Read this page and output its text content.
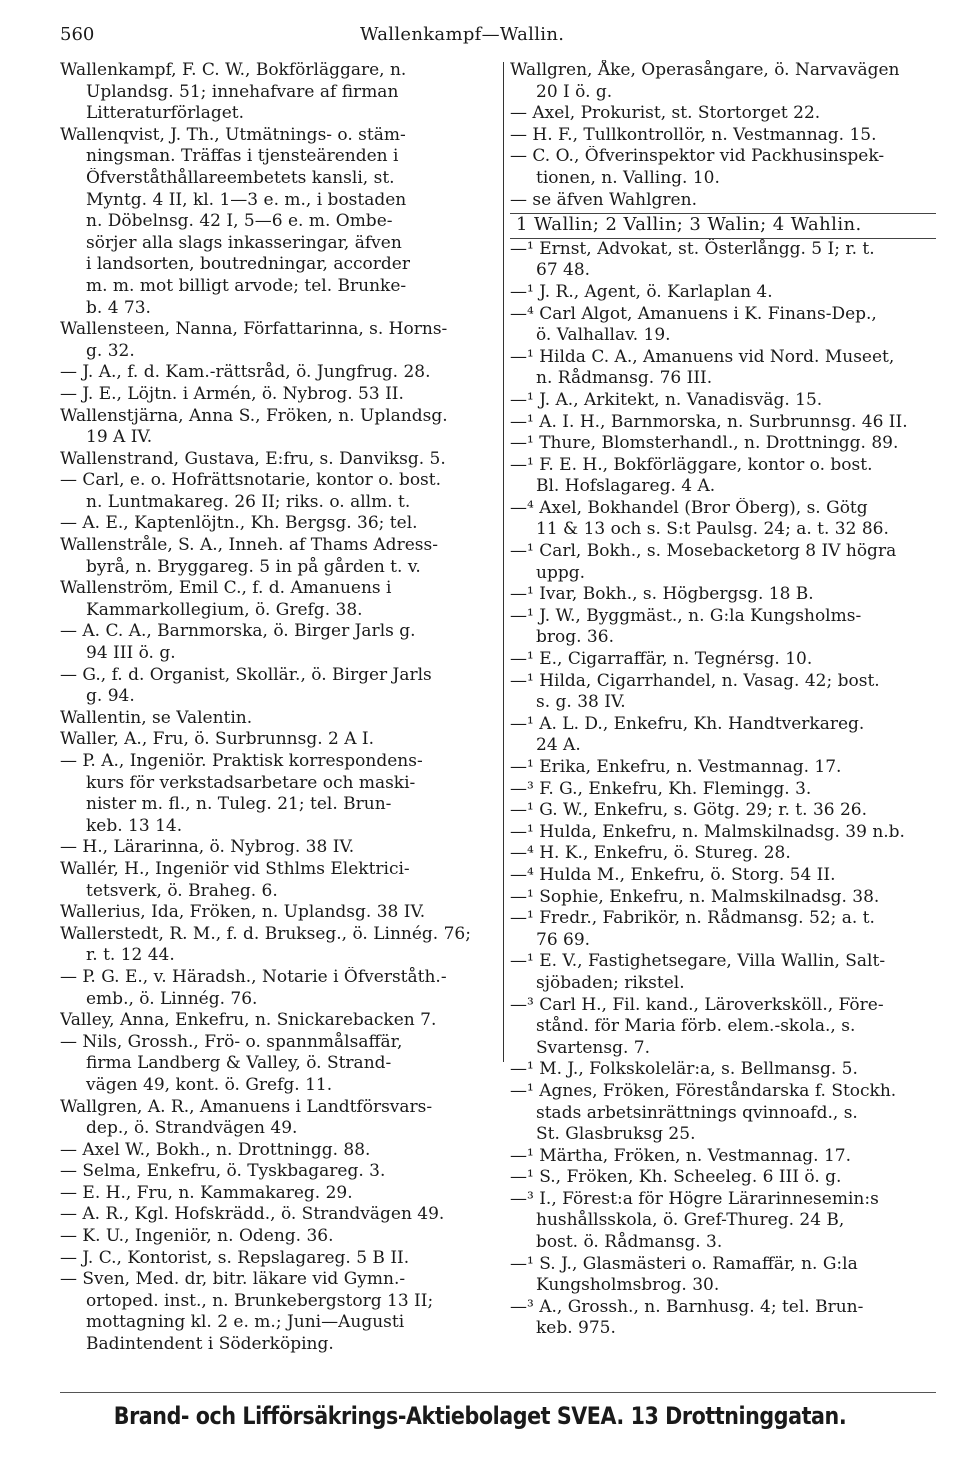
560	Wallenkampf—Wallin.
Wallenkampf, F. C. W., Bokförläggare, n.
Uplandsg. 51; innehafvare af firman
Litteraturförlaget.
Wallenqvist, J. Th., Utmätnings- o. stäm-
ningsman. Träffas i tjensteärenden i
Öfverståthållareembetets kansli, st.
Myntg. 4 II, kl. 1—3 e. m., i bostaden
n. Döbelnsg. 42 I, 5—6 e. m. Ombe-
sörjer alla slags inkasseringar, äfven
i landsorten, boutredningar, accorder
m. m. mot billigt arvode; tel. Brunke-
b. 4 73.
Wallensteen, Nanna, Författarinna, s. Horns-
g. 32.
— J. A., f. d. Kam.-rättsråd, ö. Jungfrug. 28.
— J. E., Löjtn. i Armén, ö. Nybrog. 53 II.
Wallenstjärna, Anna S., Fröken, n. Uplandsg.
19 A IV.
Wallenstrand, Gustava, E:fru, s. Danviksg. 5.
— Carl, e. o. Hofrättsnotarie, kontor o. bost.
n. Luntmakareg. 26 II; riks. o. allm. t.
— A. E., Kaptenlöjtn., Kh. Bergsg. 36; tel.
Wallenstråle, S. A., Inneh. af Thams Adress-
byrå, n. Bryggareg. 5 in på gården t. v.
Wallenström, Emil C., f. d. Amanuens i
Kammarkollegium, ö. Grefg. 38.
— A. C. A., Barnmorska, ö. Birger Jarls g.
94 III ö. g.
— G., f. d. Organist, Skollär., ö. Birger Jarls
g. 94.
Wallentin, se Valentin.
Waller, A., Fru, ö. Surbrunnsg. 2 A I.
— P. A., Ingeniör. Praktisk korrespondens-
kurs för verkstadsarbetare och maski-
nister m. fl., n. Tuleg. 21; tel. Brun-
keb. 13 14.
— H., Lärarinna, ö. Nybrog. 38 IV.
Wallér, H., Ingeniör vid Sthlms Elektrici-
tetsverk, ö. Braheg. 6.
Wallerius, Ida, Fröken, n. Uplandsg. 38 IV.
Wallerstedt, R. M., f. d. Brukseg., ö. Linnég. 76;
r. t. 12 44.
— P. G. E., v. Häradsh., Notarie i Öfverståth.-
emb., ö. Linnég. 76.
Valley, Anna, Enkefru, n. Snickarebacken 7.
— Nils, Grossh., Frö- o. spannmålsaffär,
firma Landberg & Valley, ö. Strand-
vägen 49, kont. ö. Grefg. 11.
Wallgren, A. R., Amanuens i Landtförsvars-
dep., ö. Strandvägen 49.
— Axel W., Bokh., n. Drottningg. 88.
— Selma, Enkefru, ö. Tyskbagareg. 3.
— E. H., Fru, n. Kammakareg. 29.
— A. R., Kgl. Hofskrädd., ö. Strandvägen 49.
— K. U., Ingeniör, n. Odeng. 36.
— J. C., Kontorist, s. Repslagareg. 5 B II.
— Sven, Med. dr, bitr. läkare vid Gymn.-
ortoped. inst., n. Brunkebergstorg 13 II;
mottagning kl. 2 e. m.; Juni—Augusti
Badintendent i Söderköping.
Wallgren, Åke, Operasångare, ö. Narvavägen
20 I ö. g.
— Axel, Prokurist, st. Stortorget 22.
— H. F., Tullkontrollör, n. Vestmannag. 15.
— C. O., Öfverinspektor vid Packhusinspek-
tionen, n. Valling. 10.
— se äfven Wahlgren.
1 Wallin; 2 Vallin; 3 Walin; 4 Wahlin.
—¹ Ernst, Advokat, st. Österlångg. 5 I; r. t.
67 48.
—¹ J. R., Agent, ö. Karlaplan 4.
—⁴ Carl Algot, Amanuens i K. Finans-Dep.,
ö. Valhallav. 19.
—¹ Hilda C. A., Amanuens vid Nord. Museet,
n. Rådmansg. 76 III.
—¹ J. A., Arkitekt, n. Vanadisväg. 15.
—¹ A. I. H., Barnmorska, n. Surbrunnsg. 46 II.
—¹ Thure, Blomsterhandl., n. Drottningg. 89.
—¹ F. E. H., Bokförläggare, kontor o. bost.
Bl. Hofslagareg. 4 A.
—⁴ Axel, Bokhandel (Bror Öberg), s. Götg
11 & 13 och s. S:t Paulsg. 24; a. t. 32 86.
—¹ Carl, Bokh., s. Mosebacketorg 8 IV högra
uppg.
—¹ Ivar, Bokh., s. Högbergsg. 18 B.
—¹ J. W., Byggmäst., n. G:la Kungsholms-
brog. 36.
—¹ E., Cigarraffär, n. Tegnérsg. 10.
—¹ Hilda, Cigarrhandel, n. Vasag. 42; bost.
s. g. 38 IV.
—¹ A. L. D., Enkefru, Kh. Handtverkareg.
24 A.
—¹ Erika, Enkefru, n. Vestmannag. 17.
—³ F. G., Enkefru, Kh. Flemingg. 3.
—¹ G. W., Enkefru, s. Götg. 29; r. t. 36 26.
—¹ Hulda, Enkefru, n. Malmskilnadsg. 39 n.b.
—⁴ H. K., Enkefru, ö. Stureg. 28.
—⁴ Hulda M., Enkefru, ö. Storg. 54 II.
—¹ Sophie, Enkefru, n. Malmskilnadsg. 38.
—¹ Fredr., Fabrikör, n. Rådmansg. 52; a. t.
76 69.
—¹ E. V., Fastighetsegare, Villa Wallin, Salt-
sjöbaden; rikstel.
—³ Carl H., Fil. kand., Läroverksköll., Före-
stånd. för Maria förb. elem.-skola., s.
Svartensg. 7.
—¹ M. J., Folkskolelär:a, s. Bellmansg. 5.
—¹ Agnes, Fröken, Föreståndarska f. Stockh.
stads arbetsinrättnings qvinnoafd., s.
St. Glasbruksg 25.
—¹ Märtha, Fröken, n. Vestmannag. 17.
—¹ S., Fröken, Kh. Scheeleg. 6 III ö. g.
—³ I., Förest:a för Högre Lärarinnesemin:s
hushållsskola, ö. Gref-Thureg. 24 B,
bost. ö. Rådmansg. 3.
—¹ S. J., Glasmästeri o. Ramaffär, n. G:la
Kungsholmsbrog. 30.
—³ A., Grossh., n. Barnhusg. 4; tel. Brun-
keb. 975.
Brand- och Lifförsäkrings-Aktiebolaget SVEA. 13 Drottninggatan.
